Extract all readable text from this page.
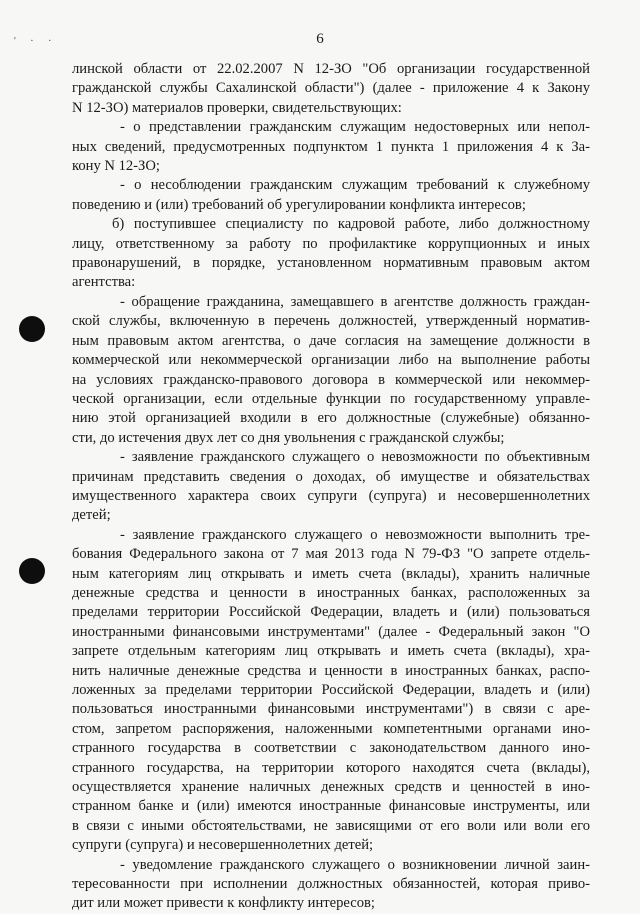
' · ·	6
линской области от 22.02.2007 N 12-ЗО "Об организации государственной
гражданской службы Сахалинской области") (далее - приложение 4 к Закону
N 12-ЗО) материалов проверки, свидетельствующих:
- о представлении гражданским служащим недостоверных или непол-
ных сведений, предусмотренных подпунктом 1 пункта 1 приложения 4 к За-
кону N 12-ЗО;
- о несоблюдении гражданским служащим требований к служебному
поведению и (или) требований об урегулировании конфликта интересов;
б) поступившее специалисту по кадровой работе, либо должностному
лицу, ответственному за работу по профилактике коррупционных и иных
правонарушений, в порядке, установленном нормативным правовым актом
агентства:
- обращение гражданина, замещавшего в агентстве должность граждан-
ской службы, включенную в перечень должностей, утвержденный норматив-
ным правовым актом агентства, о даче согласия на замещение должности в
коммерческой или некоммерческой организации либо на выполнение работы
на условиях гражданско-правового договора в коммерческой или некоммер-
ческой организации, если отдельные функции по государственному управле-
нию этой организацией входили в его должностные (служебные) обязанно-
сти, до истечения двух лет со дня увольнения с гражданской службы;
- заявление гражданского служащего о невозможности по объективным
причинам представить сведения о доходах, об имуществе и обязательствах
имущественного характера своих супруги (супруга) и несовершеннолетних
детей;
- заявление гражданского служащего о невозможности выполнить тре-
бования Федерального закона от 7 мая 2013 года N 79-ФЗ "О запрете отдель-
ным категориям лиц открывать и иметь счета (вклады), хранить наличные
денежные средства и ценности в иностранных банках, расположенных за
пределами территории Российской Федерации, владеть и (или) пользоваться
иностранными финансовыми инструментами" (далее - Федеральный закон "О
запрете отдельным категориям лиц открывать и иметь счета (вклады), хра-
нить наличные денежные средства и ценности в иностранных банках, распо-
ложенных за пределами территории Российской Федерации, владеть и (или)
пользоваться иностранными финансовыми инструментами") в связи с аре-
стом, запретом распоряжения, наложенными компетентными органами ино-
странного государства в соответствии с законодательством данного ино-
странного государства, на территории которого находятся счета (вклады),
осуществляется хранение наличных денежных средств и ценностей в ино-
странном банке и (или) имеются иностранные финансовые инструменты, или
в связи с иными обстоятельствами, не зависящими от его воли или воли его
супруги (супруга) и несовершеннолетних детей;
- уведомление гражданского служащего о возникновении личной заин-
тересованности при исполнении должностных обязанностей, которая приво-
дит или может привести к конфликту интересов;
